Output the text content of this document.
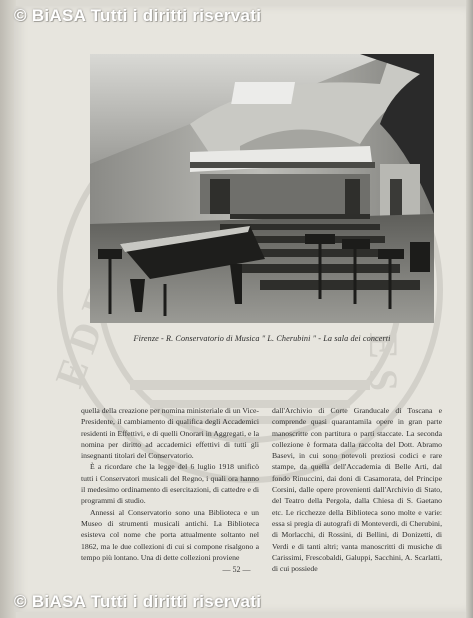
© BiASA Tutti i diritti riservati
Firenze - R. Conservatorio di Musica " L. Cherubini " - La sala dei concerti

quella della creazione per nomina ministeriale di un Vice-Presidente, il cambiamento di qualifica degli Accademici residenti in Effettivi, e di quelli Onorari in Aggregati, e la nomina per diritto ad accademici effettivi di tutti gli insegnanti titolari del Conservatorio.

È a ricordare che la legge del 6 luglio 1918 unificò tutti i Conservatori musicali del Regno, i quali ora hanno il medesimo ordinamento di esercitazioni, di cattedre e di programmi di studio.

Annessi al Conservatorio sono una Biblioteca e un Museo di strumenti musicali antichi. La Biblioteca esisteva col nome che porta attualmente soltanto nel 1862, ma le due collezioni di cui si compone risalgono a tempo più lontano. Una di dette collezioni proviene

dall'Archivio di Corte Granducale di Toscana e comprende quasi quarantamila opere in gran parte manoscritte con partitura o parti staccate. La seconda collezione è formata dalla raccolta del Dott. Abramo Basevi, in cui sono notevoli preziosi codici e rare stampe, da quella dell'Accademia di Belle Arti, dal fondo Rinuccini, dai doni di Casamorata, del Principe Corsini, dalle opere provenienti dall'Archivio di Stato, del Teatro della Pergola, dalla Chiesa di S. Gaetano etc. Le ricchezze della Biblioteca sono molte e varie: essa si pregia di autografi di Monteverdi, di Cherubini, di Morlacchi, di Rossini, di Bellini, di Donizetti, di Verdi e di tanti altri; vanta manoscritti di musiche di Carissimi, Frescobaldi, Galuppi, Sacchini, A. Scarlatti, di cui possiede

— 52 —
© BiASA Tutti i diritti riservati
